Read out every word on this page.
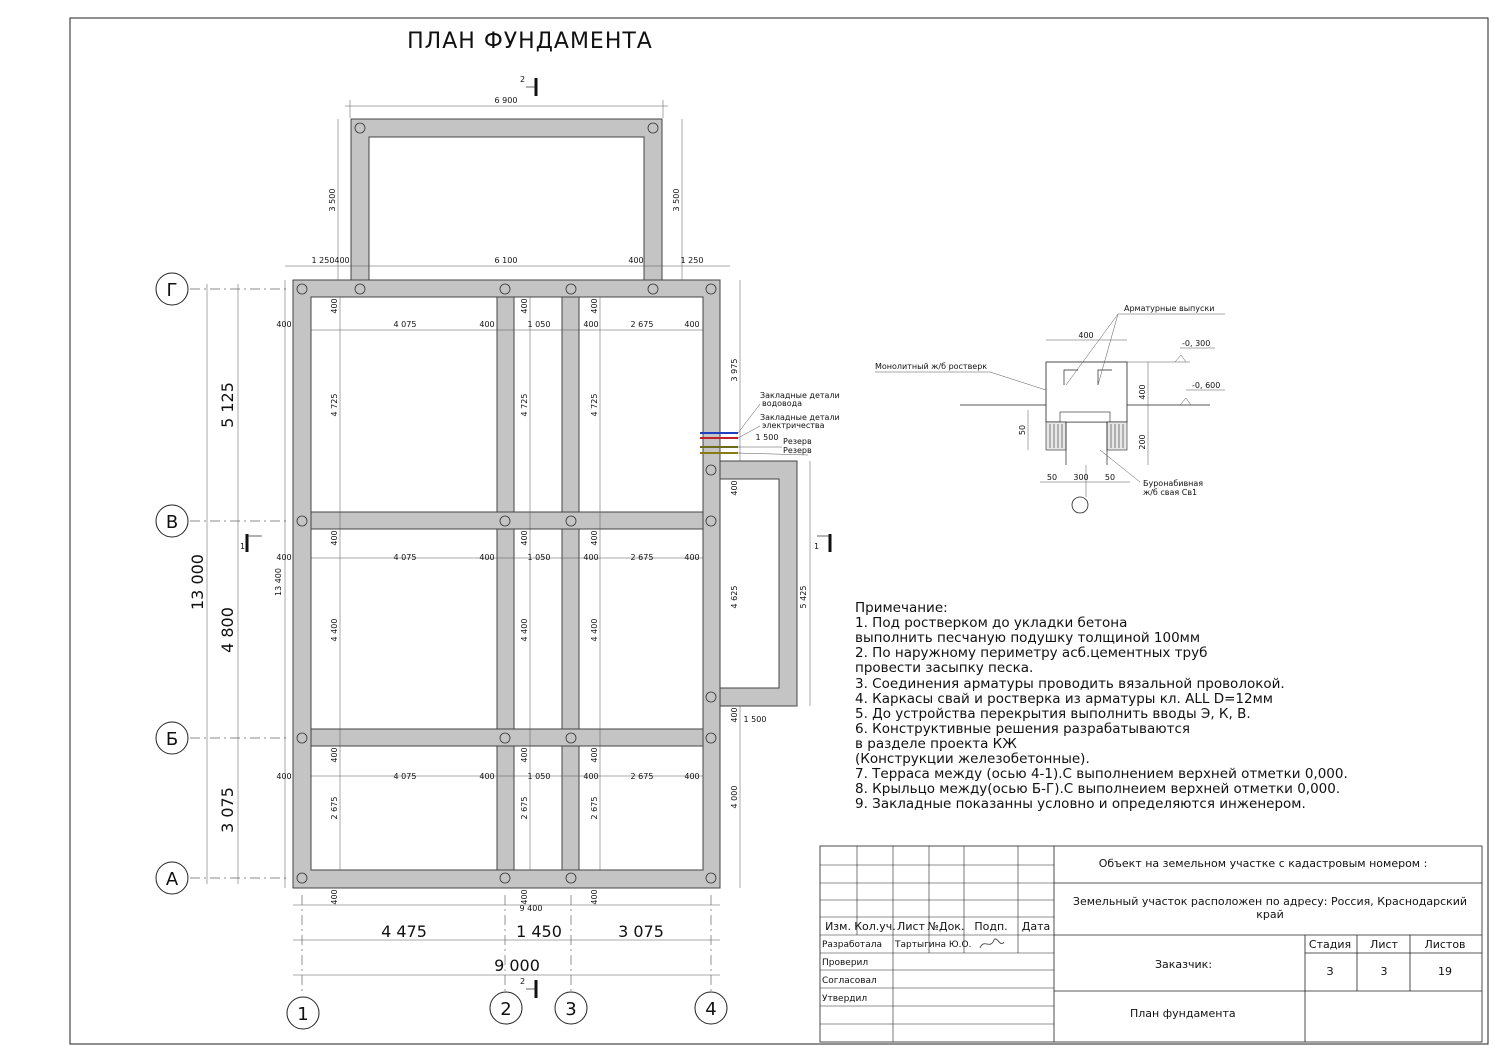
ПЛАН ФУНДАМЕНТА
2
2
1	1
Г
В
Б
А
1	2	3	4
6 900
3 500	3 500
1 250 400	6 100	400	1 250
400	4 075	400	1 050	400	2 675	400
400	4 075	400	1 050	400	2 675	400
400	4 075	400	1 050	400	2 675	400
400
4 725
400
4 725
400
4 725
400
4 400
400
4 400
400
4 400
400
2 675
400
2 675
400
2 675
400	400	400
5 125
4 800
3 075
13 000	13 400
3 975
1 500
400
4 625	5 425
400 1 500
4 000
9 400
4 475	1 450	3 075
9 000
Закладные детали
водовода
Закладные детали
электричества
Резерв
Резерв
400
400
200
50
50 300 50
-0, 300
-0, 600
Арматурные выпуски
Монолитный ж/б ростверк
Буронабивная
ж/б свая Св1
Примечание:
1. Под ростверком до укладки бетона
выполнить песчаную подушку толщиной 100мм
2. По наружному периметру асб.цементных труб
провести засыпку песка.
3. Соединения арматуры проводить вязальной проволокой.
4. Каркасы свай и ростверка из арматуры кл. ALL D=12мм
5. До устройства перекрытия выполнить вводы Э, К, В.
6. Конструктивные решения разрабатываются
в разделе проекта КЖ
(Конструкции железобетонные).
7. Терраса между (осью 4-1).С выполнением верхней отметки 0,000.
8. Крыльцо между(осью Б-Г).С выполнеием верхней отметки 0,000.
9. Закладные показанны условно и определяются инженером.
Объект на земельном участке с кадастровым номером :
Земельный участок расположен по адресу: Россия, Краснодарский
край
Заказчик:
План фундамента
Стадия Лист Листов
З	3	19
Изм. Кол.уч. Лист №Док. Подп. Дата
Разработала
Проверил
Согласовал
Утвердил
Тартыгина Ю.О.
